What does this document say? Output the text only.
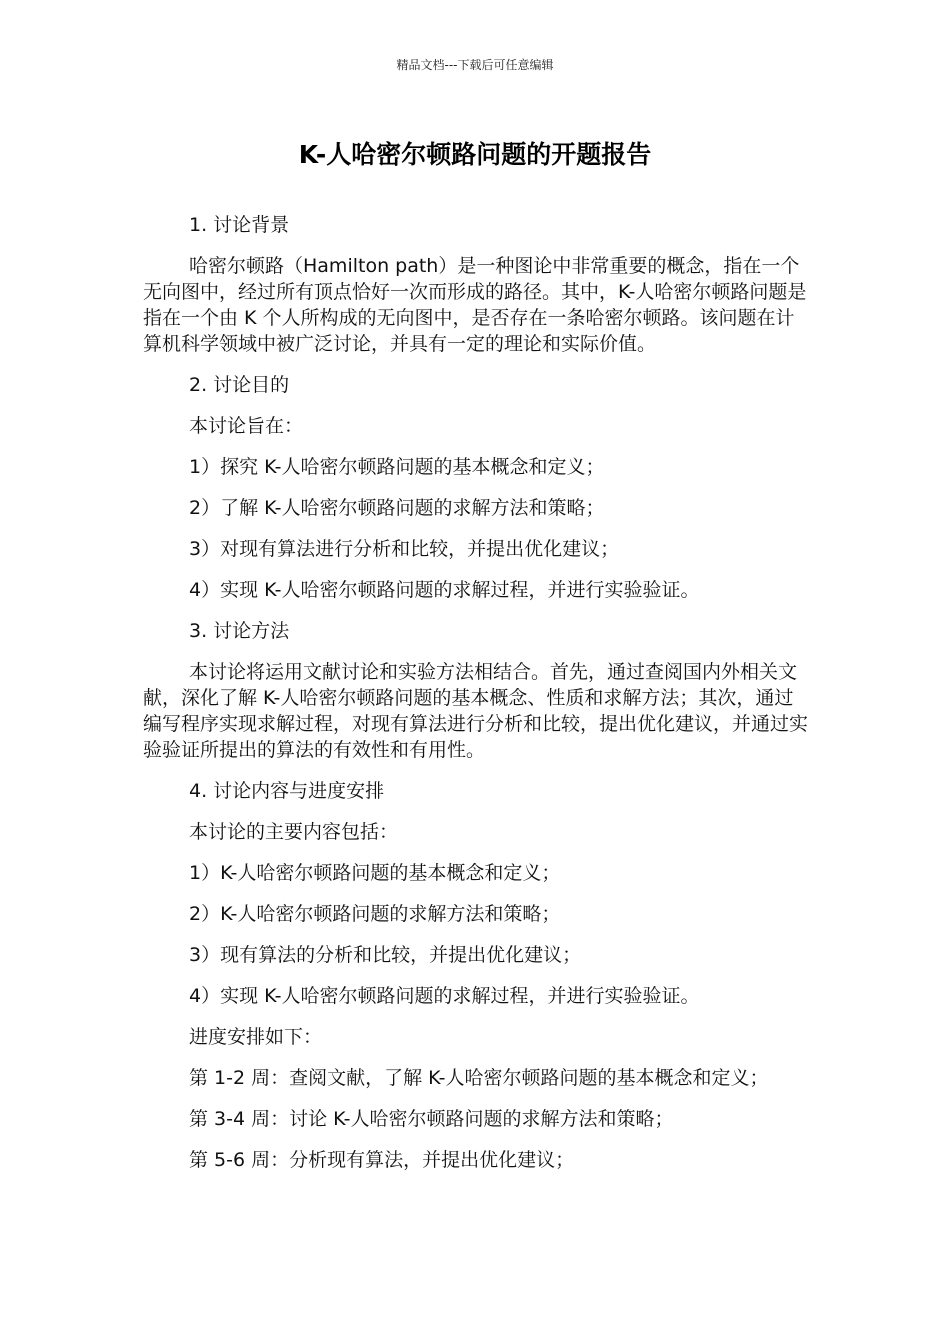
精品文档---下载后可任意编辑
K-人哈密尔顿路问题的开题报告

1. 讨论背景

哈密尔顿路（Hamilton path）是一种图论中非常重要的概念，指在一个无向图中，经过所有顶点恰好一次而形成的路径。其中，K-人哈密尔顿路问题是指在一个由 K 个人所构成的无向图中，是否存在一条哈密尔顿路。该问题在计算机科学领域中被广泛讨论，并具有一定的理论和实际价值。

2. 讨论目的

本讨论旨在：

1）探究 K-人哈密尔顿路问题的基本概念和定义；

2）了解 K-人哈密尔顿路问题的求解方法和策略；

3）对现有算法进行分析和比较，并提出优化建议；

4）实现 K-人哈密尔顿路问题的求解过程，并进行实验验证。

3. 讨论方法

本讨论将运用文献讨论和实验方法相结合。首先，通过查阅国内外相关文献，深化了解 K-人哈密尔顿路问题的基本概念、性质和求解方法；其次，通过编写程序实现求解过程，对现有算法进行分析和比较，提出优化建议，并通过实验验证所提出的算法的有效性和有用性。

4. 讨论内容与进度安排

本讨论的主要内容包括：

1）K-人哈密尔顿路问题的基本概念和定义；

2）K-人哈密尔顿路问题的求解方法和策略；

3）现有算法的分析和比较，并提出优化建议；

4）实现 K-人哈密尔顿路问题的求解过程，并进行实验验证。

进度安排如下：

第 1-2 周：查阅文献，了解 K-人哈密尔顿路问题的基本概念和定义；

第 3-4 周：讨论 K-人哈密尔顿路问题的求解方法和策略；

第 5-6 周：分析现有算法，并提出优化建议；
